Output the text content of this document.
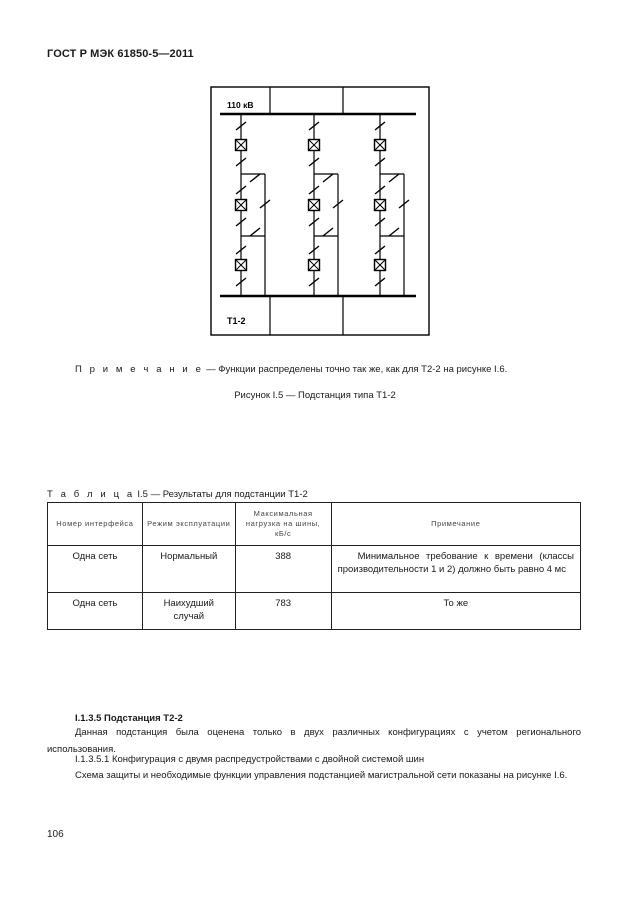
ГОСТ Р МЭК 61850-5—2011
110 кВ
Т1-2
П р и м е ч а н и е — Функции распределены точно так же, как для Т2-2 на рисунке I.6.
Рисунок I.5 — Подстанция типа Т1-2
Т а б л и ц а I.5 — Результаты для подстанции Т1-2
Номер интерфейса	Режим эксплуатации	Максимальная нагрузка на шины, кБ/с	Примечание
Одна сеть	Нормальный	388	Минимальное требование к времени (классы производительности 1 и 2) должно быть равно 4 мс
Одна сеть	Наихудший случай	783	То же
I.1.3.5 Подстанция Т2-2
Данная подстанция была оценена только в двух различных конфигурациях с учетом регионального использования.
I.1.3.5.1 Конфигурация с двумя распредустройствами с двойной системой шин
Схема защиты и необходимые функции управления подстанцией магистральной сети показаны на рисунке I.6.
106
